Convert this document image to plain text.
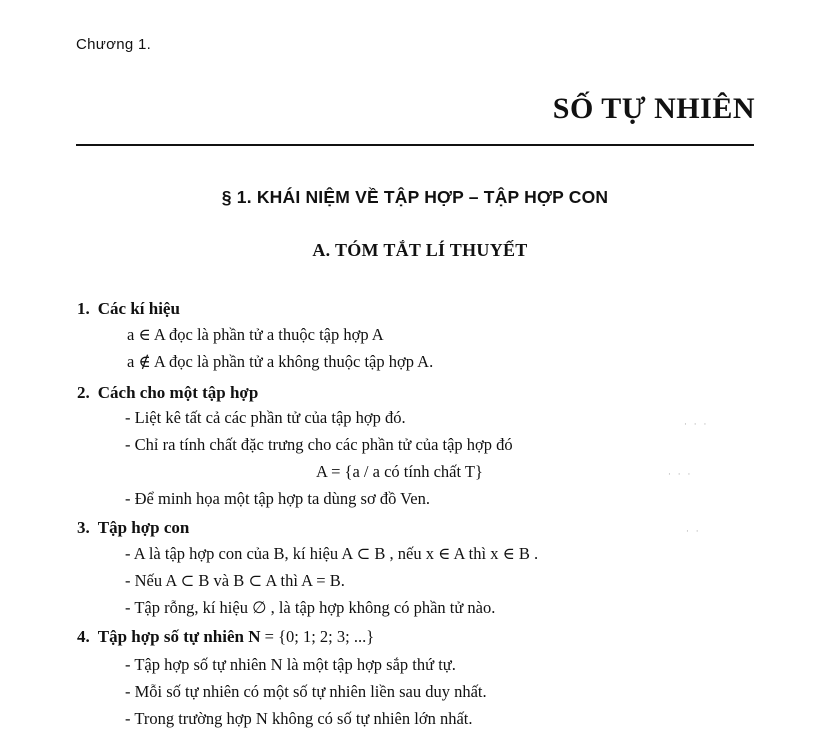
Chương 1.
SỐ TỰ NHIÊN
§ 1. KHÁI NIỆM VỀ TẬP HỢP – TẬP HỢP CON
A. TÓM TẮT LÍ THUYẾT
1. Các kí hiệu
a ∈ A đọc là phần tử a thuộc tập hợp A
a ∉ A đọc là phần tử a không thuộc tập hợp A.
2. Cách cho một tập hợp
- Liệt kê tất cả các phần tử của tập hợp đó.
- Chỉ ra tính chất đặc trưng cho các phần tử của tập hợp đó
A = {a / a có tính chất T}
- Để minh họa một tập hợp ta dùng sơ đồ Ven.
3. Tập hợp con
- A là tập hợp con của B, kí hiệu A ⊂ B , nếu x ∈ A thì x ∈ B .
- Nếu A ⊂ B và B ⊂ A thì A = B.
- Tập rỗng, kí hiệu ∅ , là tập hợp không có phần tử nào.
4. Tập hợp số tự nhiên N = {0; 1; 2; 3; ...}
- Tập hợp số tự nhiên N là một tập hợp sắp thứ tự.
- Mỗi số tự nhiên có một số tự nhiên liền sau duy nhất.
- Trong trường hợp N không có số tự nhiên lớn nhất.
· · ·
· · ·
· ·
